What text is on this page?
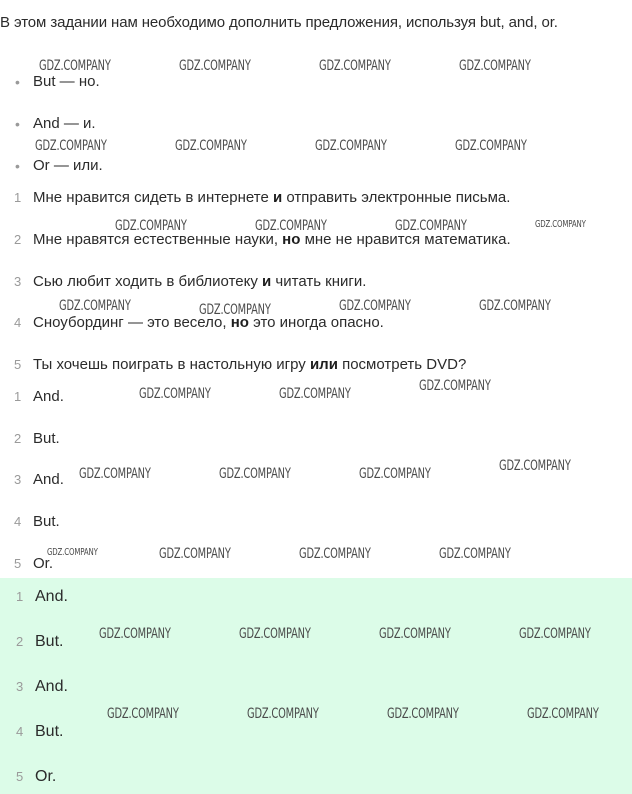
В этом задании нам необходимо дополнить предложения, используя but, and, or.
• But — но.
• And — и.
• Or — или.
1 Мне нравится сидеть в интернете и отправить электронные письма.
2 Мне нравятся естественные науки, но мне не нравится математика.
3 Сью любит ходить в библиотеку и читать книги.
4 Сноубординг — это весело, но это иногда опасно.
5 Ты хочешь поиграть в настольную игру или посмотреть DVD?
1 And.
2 But.
3 And.
4 But.
5 Or.
1 And.
2 But.
3 And.
4 But.
5 Or.
GDZ.COMPANY	GDZ.COMPANY	GDZ.COMPANY	GDZ.COMPANY
GDZ.COMPANY	GDZ.COMPANY	GDZ.COMPANY	GDZ.COMPANY
GDZ.COMPANY	GDZ.COMPANY	GDZ.COMPANY	GDZ.COMPANY
GDZ.COMPANY	GDZ.COMPANY	GDZ.COMPANY	GDZ.COMPANY
GDZ.COMPANY	GDZ.COMPANY	GDZ.COMPANY
GDZ.COMPANY	GDZ.COMPANY	GDZ.COMPANY	GDZ.COMPANY
GDZ.COMPANY	GDZ.COMPANY	GDZ.COMPANY	GDZ.COMPANY
GDZ.COMPANY	GDZ.COMPANY	GDZ.COMPANY	GDZ.COMPANY
GDZ.COMPANY	GDZ.COMPANY	GDZ.COMPANY	GDZ.COMPANY
